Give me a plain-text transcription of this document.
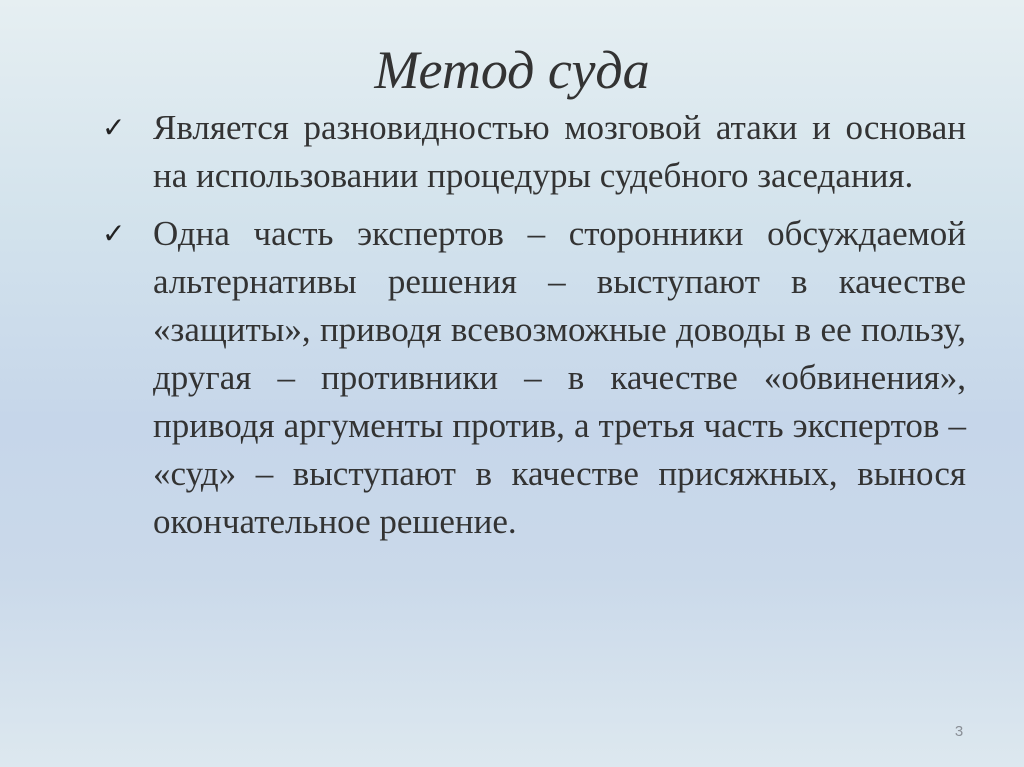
Метод суда
✓ Является разновидностью мозговой атаки и основан на использовании процедуры судебного заседания.
✓ Одна часть экспертов – сторонники обсуждаемой альтернативы решения – выступают в качестве «защиты», приводя всевозможные доводы в ее пользу, другая – противники – в качестве «обвинения», приводя аргументы против, а третья часть экспертов – «суд» – выступают в качестве присяжных, вынося окончательное решение.
3
